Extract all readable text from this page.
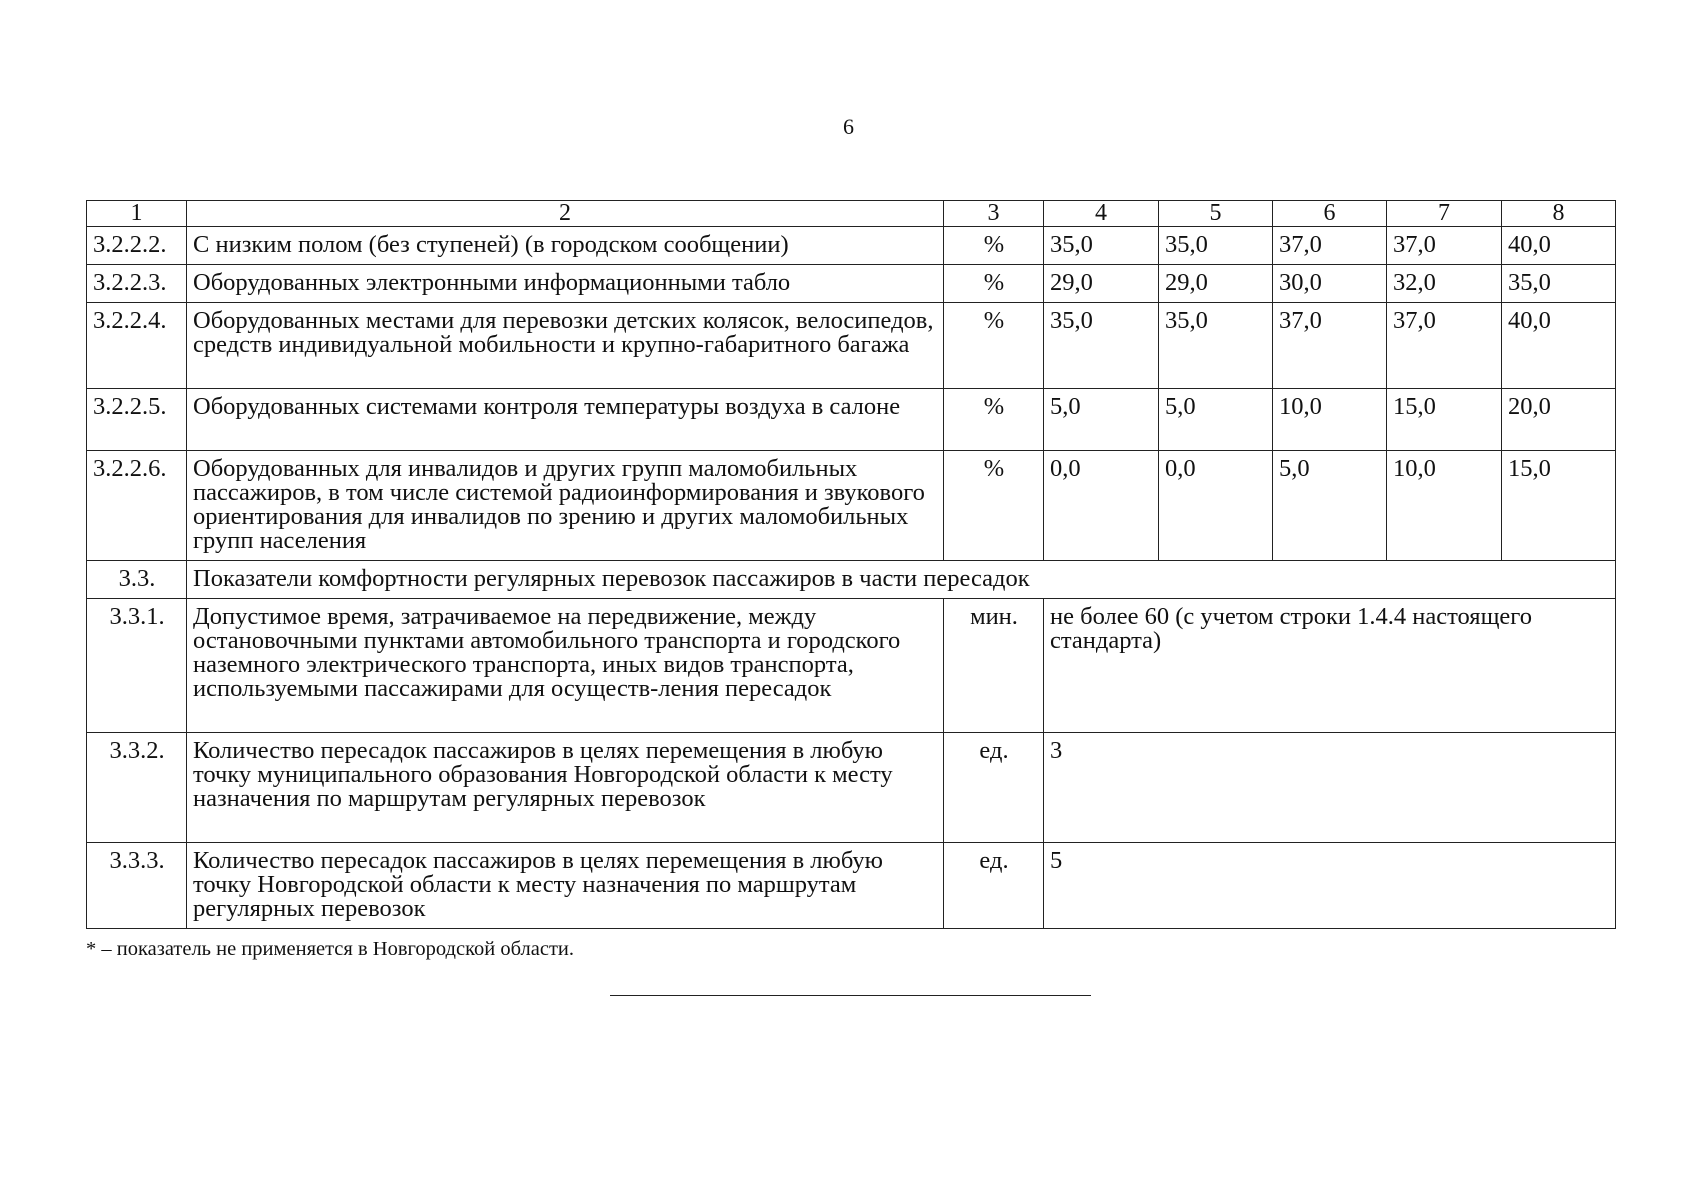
6
1	2	3	4	5	6	7	8
3.2.2.2.	С низким полом (без ступеней) (в городском сообщении)	%	35,0	35,0	37,0	37,0	40,0
3.2.2.3.	Оборудованных электронными информационными табло	%	29,0	29,0	30,0	32,0	35,0
3.2.2.4.	Оборудованных местами для перевозки детских колясок, велосипедов, средств индивидуальной мобильности и крупно-габаритного багажа	%	35,0	35,0	37,0	37,0	40,0
3.2.2.5.	Оборудованных системами контроля температуры воздуха в салоне	%	5,0	5,0	10,0	15,0	20,0
3.2.2.6.	Оборудованных для инвалидов и других групп маломобильных пассажиров, в том числе системой радиоинформирования и звукового ориентирования для инвалидов по зрению и других маломобильных групп населения	%	0,0	0,0	5,0	10,0	15,0
3.3.	Показатели комфортности регулярных перевозок пассажиров в части пересадок						
3.3.1.	Допустимое время, затрачиваемое на передвижение, между остановочными пунктами автомобильного транспорта и городского наземного электрического транспорта, иных видов транспорта, используемыми пассажирами для осуществ-ления пересадок	мин.	не более 60 (с учетом строки 1.4.4 настоящего стандарта)				
3.3.2.	Количество пересадок пассажиров в целях перемещения в любую точку муниципального образования Новгородской области к месту назначения по маршрутам регулярных перевозок	ед.	3				
3.3.3.	Количество пересадок пассажиров в целях перемещения в любую точку Новгородской области к месту назначения по маршрутам регулярных перевозок	ед.	5				
* – показатель не применяется в Новгородской области.
